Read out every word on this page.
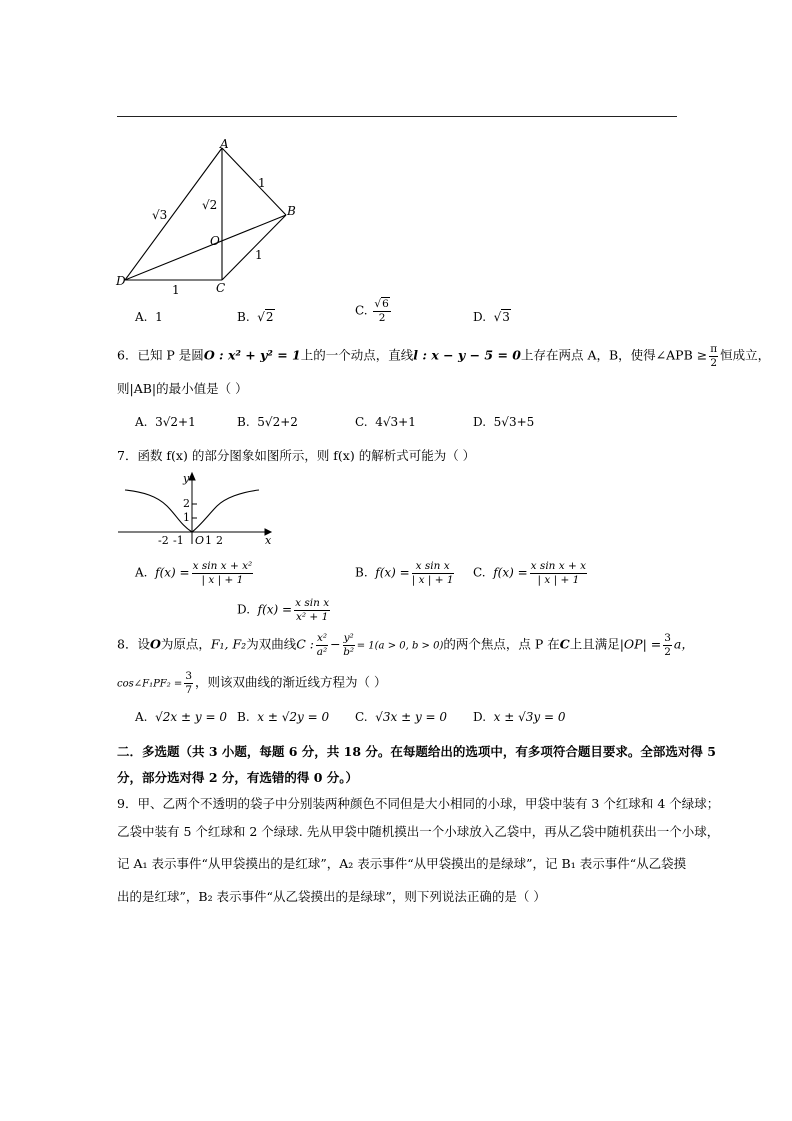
A
B
O
C
D
√3
√2
1
1
1
A. 1	B.  √2	C. $\frac{√6}{2}$	D.  √3
6．已知 P 是圆O : x² + y² = 1上的一个动点，直线l : x − y − 5 = 0上存在两点 A，B，使得∠APB ≥ $\frac{\pi}{2}$ 恒成立，
则|AB|的最小值是（ ）
A. 3√2+1	B. 5√2+2	C. 4√3+1	D. 5√3+5
7．函数 f(x) 的部分图象如图所示，则 f(x) 的解析式可能为（ ）
y
x
2
1
O
-2 -1 1 2
A. $f(x) = \frac{\text{x sin x + x²}}{| x | + 1}$	B. $f(x) = \frac{\text{x sin x}}{| x | + 1} C$. $f(x) = \frac{\text{x sin x + x}}{| x | + 1}$
D. $f(x) = \frac{\text{x sin x}}{\text{x² + 1}}$
8．设O为原点，F₁, F₂为双曲线C : $\frac{\text{x²}}{\text{a²}} - \frac{\text{y²}}{\text{b²}} = 1(a > 0$, b > 0)的两个焦点，点 P 在C上且满足$|OP| = \frac{3}{2}$ a，
cos∠F₁PF₂ = $\frac{3}{7}$ ，则该双曲线的渐近线方程为（ ）
A. √2x ± y = 0 B. x ± √2y = 0 C. √3x ± y = 0 D. x ± √3y = 0
二．多选题（共 3 小题，每题 6 分，共 18 分。在每题给出的选项中，有多项符合题目要求。全部选对得 5
分，部分选对得 2 分，有选错的得 0 分。）
9．甲、乙两个不透明的袋子中分别装两种颜色不同但是大小相同的小球，甲袋中装有 3 个红球和 4 个绿球；
乙袋中装有 5 个红球和 2 个绿球. 先从甲袋中随机摸出一个小球放入乙袋中，再从乙袋中随机获出一个小球，
记 A₁ 表示事件“从甲袋摸出的是红球”，A₂ 表示事件“从甲袋摸出的是绿球”，记 B₁ 表示事件“从乙袋摸
出的是红球”，B₂ 表示事件“从乙袋摸出的是绿球”，则下列说法正确的是（ ）
